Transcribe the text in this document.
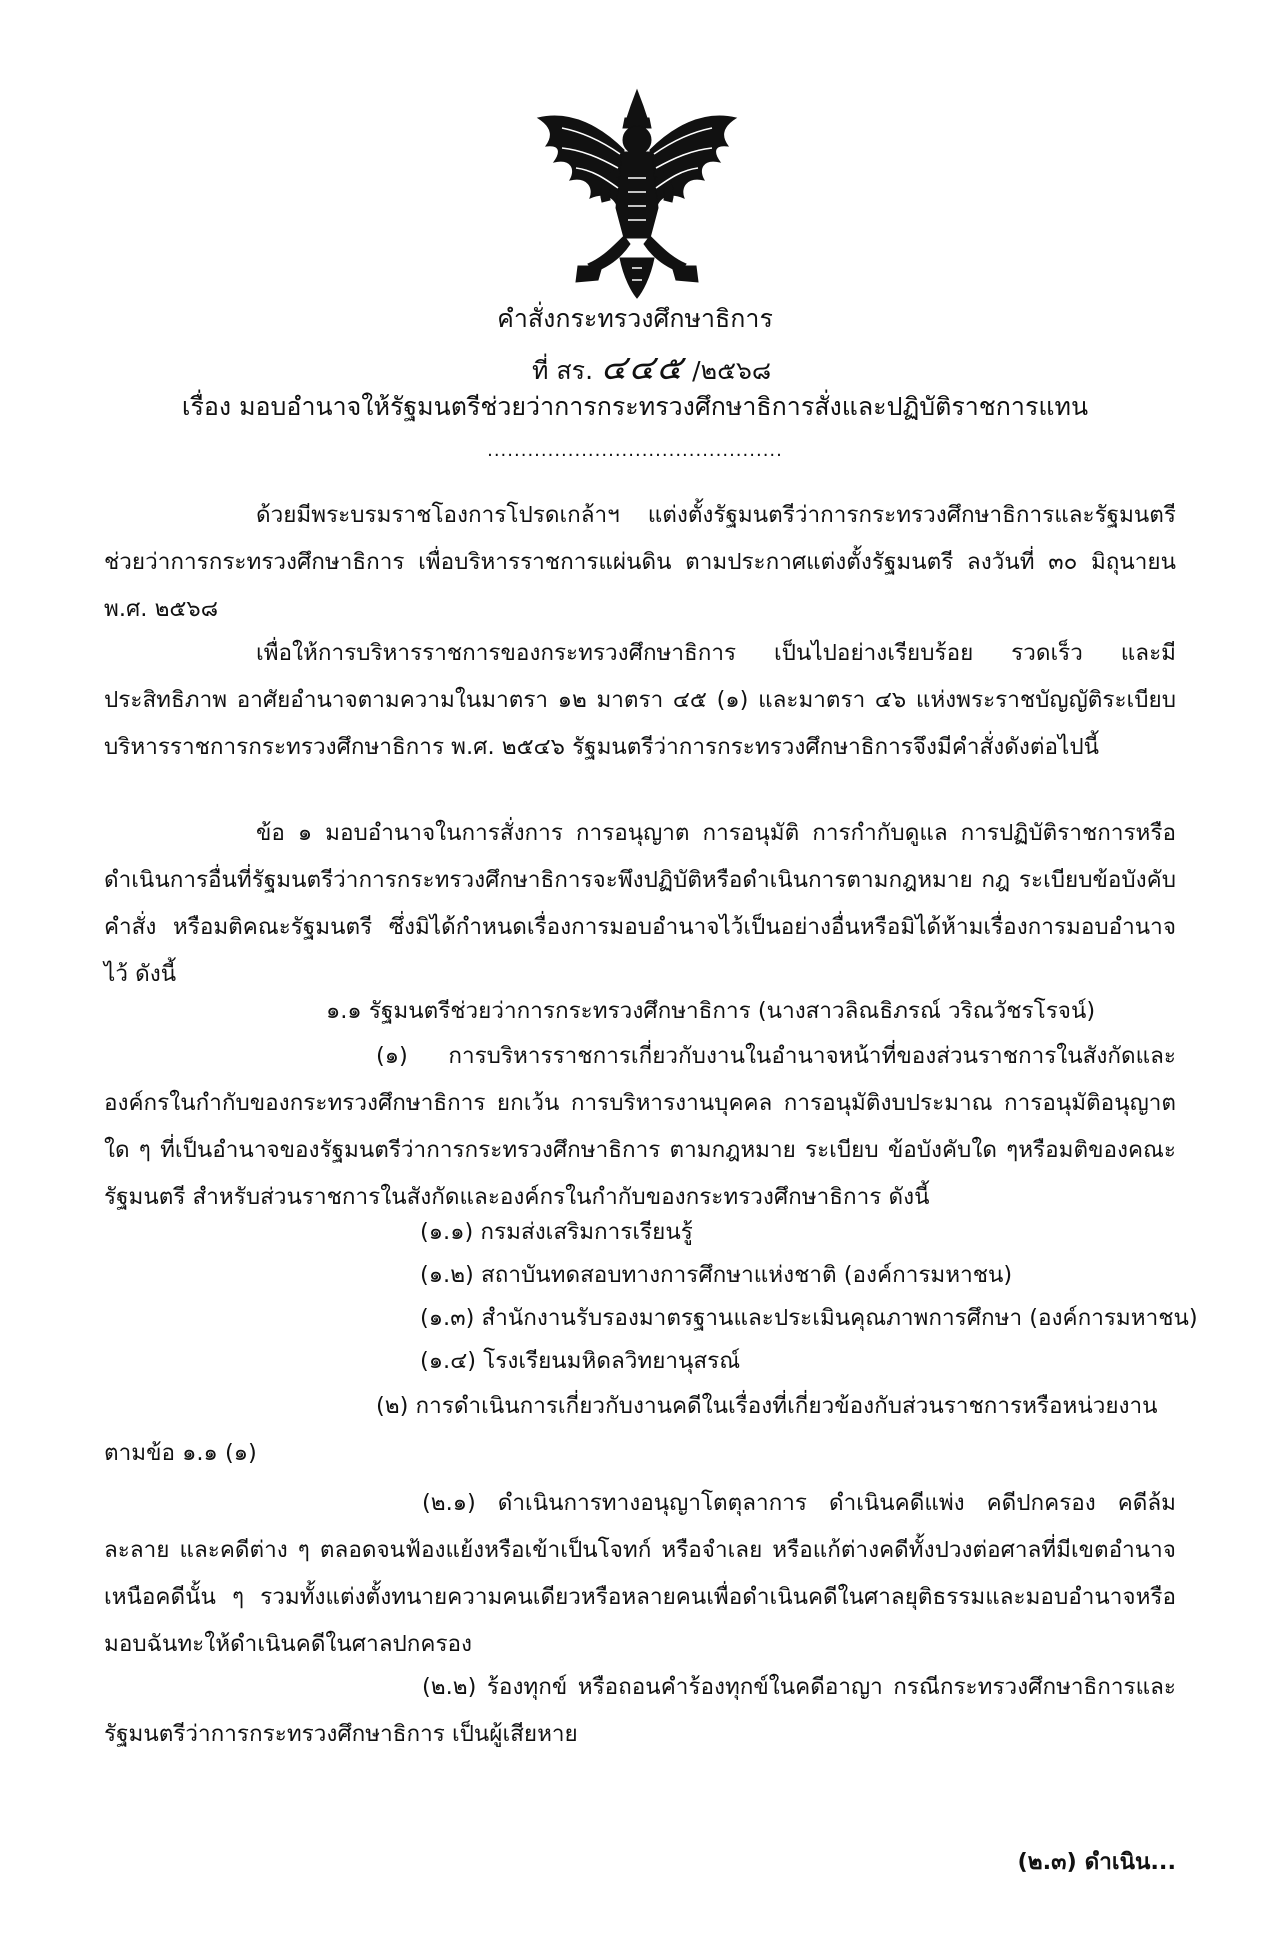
คำสั่งกระทรวงศึกษาธิการ
ที่ สร. ๔๔๕ /๒๕๖๘
เรื่อง มอบอำนาจให้รัฐมนตรีช่วยว่าการกระทรวงศึกษาธิการสั่งและปฏิบัติราชการแทน
............................................
ด้วยมีพระบรมราชโองการโปรดเกล้าฯ แต่งตั้งรัฐมนตรีว่าการกระทรวงศึกษาธิการและรัฐมนตรีช่วยว่าการกระทรวงศึกษาธิการ เพื่อบริหารราชการแผ่นดิน ตามประกาศแต่งตั้งรัฐมนตรี ลงวันที่ ๓๐ มิถุนายน พ.ศ. ๒๕๖๘
เพื่อให้การบริหารราชการของกระทรวงศึกษาธิการ เป็นไปอย่างเรียบร้อย รวดเร็ว และมีประสิทธิภาพ อาศัยอำนาจตามความในมาตรา ๑๒ มาตรา ๔๕ (๑) และมาตรา ๔๖ แห่งพระราชบัญญัติระเบียบบริหารราชการกระทรวงศึกษาธิการ พ.ศ. ๒๕๔๖ รัฐมนตรีว่าการกระทรวงศึกษาธิการจึงมีคำสั่งดังต่อไปนี้
ข้อ ๑ มอบอำนาจในการสั่งการ การอนุญาต การอนุมัติ การกำกับดูแล การปฏิบัติราชการหรือดำเนินการอื่นที่รัฐมนตรีว่าการกระทรวงศึกษาธิการจะพึงปฏิบัติหรือดำเนินการตามกฎหมาย กฎ ระเบียบข้อบังคับ คำสั่ง หรือมติคณะรัฐมนตรี ซึ่งมิได้กำหนดเรื่องการมอบอำนาจไว้เป็นอย่างอื่นหรือมิได้ห้ามเรื่องการมอบอำนาจไว้ ดังนี้
๑.๑ รัฐมนตรีช่วยว่าการกระทรวงศึกษาธิการ (นางสาวลิณธิภรณ์ วริณวัชรโรจน์)
(๑) การบริหารราชการเกี่ยวกับงานในอำนาจหน้าที่ของส่วนราชการในสังกัดและองค์กรในกำกับของกระทรวงศึกษาธิการ ยกเว้น การบริหารงานบุคคล การอนุมัติงบประมาณ การอนุมัติอนุญาตใด ๆ ที่เป็นอำนาจของรัฐมนตรีว่าการกระทรวงศึกษาธิการ ตามกฎหมาย ระเบียบ ข้อบังคับใด ๆหรือมติของคณะรัฐมนตรี สำหรับส่วนราชการในสังกัดและองค์กรในกำกับของกระทรวงศึกษาธิการ ดังนี้
(๑.๑) กรมส่งเสริมการเรียนรู้
(๑.๒) สถาบันทดสอบทางการศึกษาแห่งชาติ (องค์การมหาชน)
(๑.๓) สำนักงานรับรองมาตรฐานและประเมินคุณภาพการศึกษา (องค์การมหาชน)
(๑.๔) โรงเรียนมหิดลวิทยานุสรณ์
(๒) การดำเนินการเกี่ยวกับงานคดีในเรื่องที่เกี่ยวข้องกับส่วนราชการหรือหน่วยงาน
ตามข้อ ๑.๑ (๑)
(๒.๑) ดำเนินการทางอนุญาโตตุลาการ ดำเนินคดีแพ่ง คดีปกครอง คดีล้มละลาย และคดีต่าง ๆ ตลอดจนฟ้องแย้งหรือเข้าเป็นโจทก์ หรือจำเลย หรือแก้ต่างคดีทั้งปวงต่อศาลที่มีเขตอำนาจเหนือคดีนั้น ๆ รวมทั้งแต่งตั้งทนายความคนเดียวหรือหลายคนเพื่อดำเนินคดีในศาลยุติธรรมและมอบอำนาจหรือมอบฉันทะให้ดำเนินคดีในศาลปกครอง
(๒.๒) ร้องทุกข์ หรือถอนคำร้องทุกข์ในคดีอาญา กรณีกระทรวงศึกษาธิการและรัฐมนตรีว่าการกระทรวงศึกษาธิการ เป็นผู้เสียหาย
(๒.๓) ดำเนิน...
